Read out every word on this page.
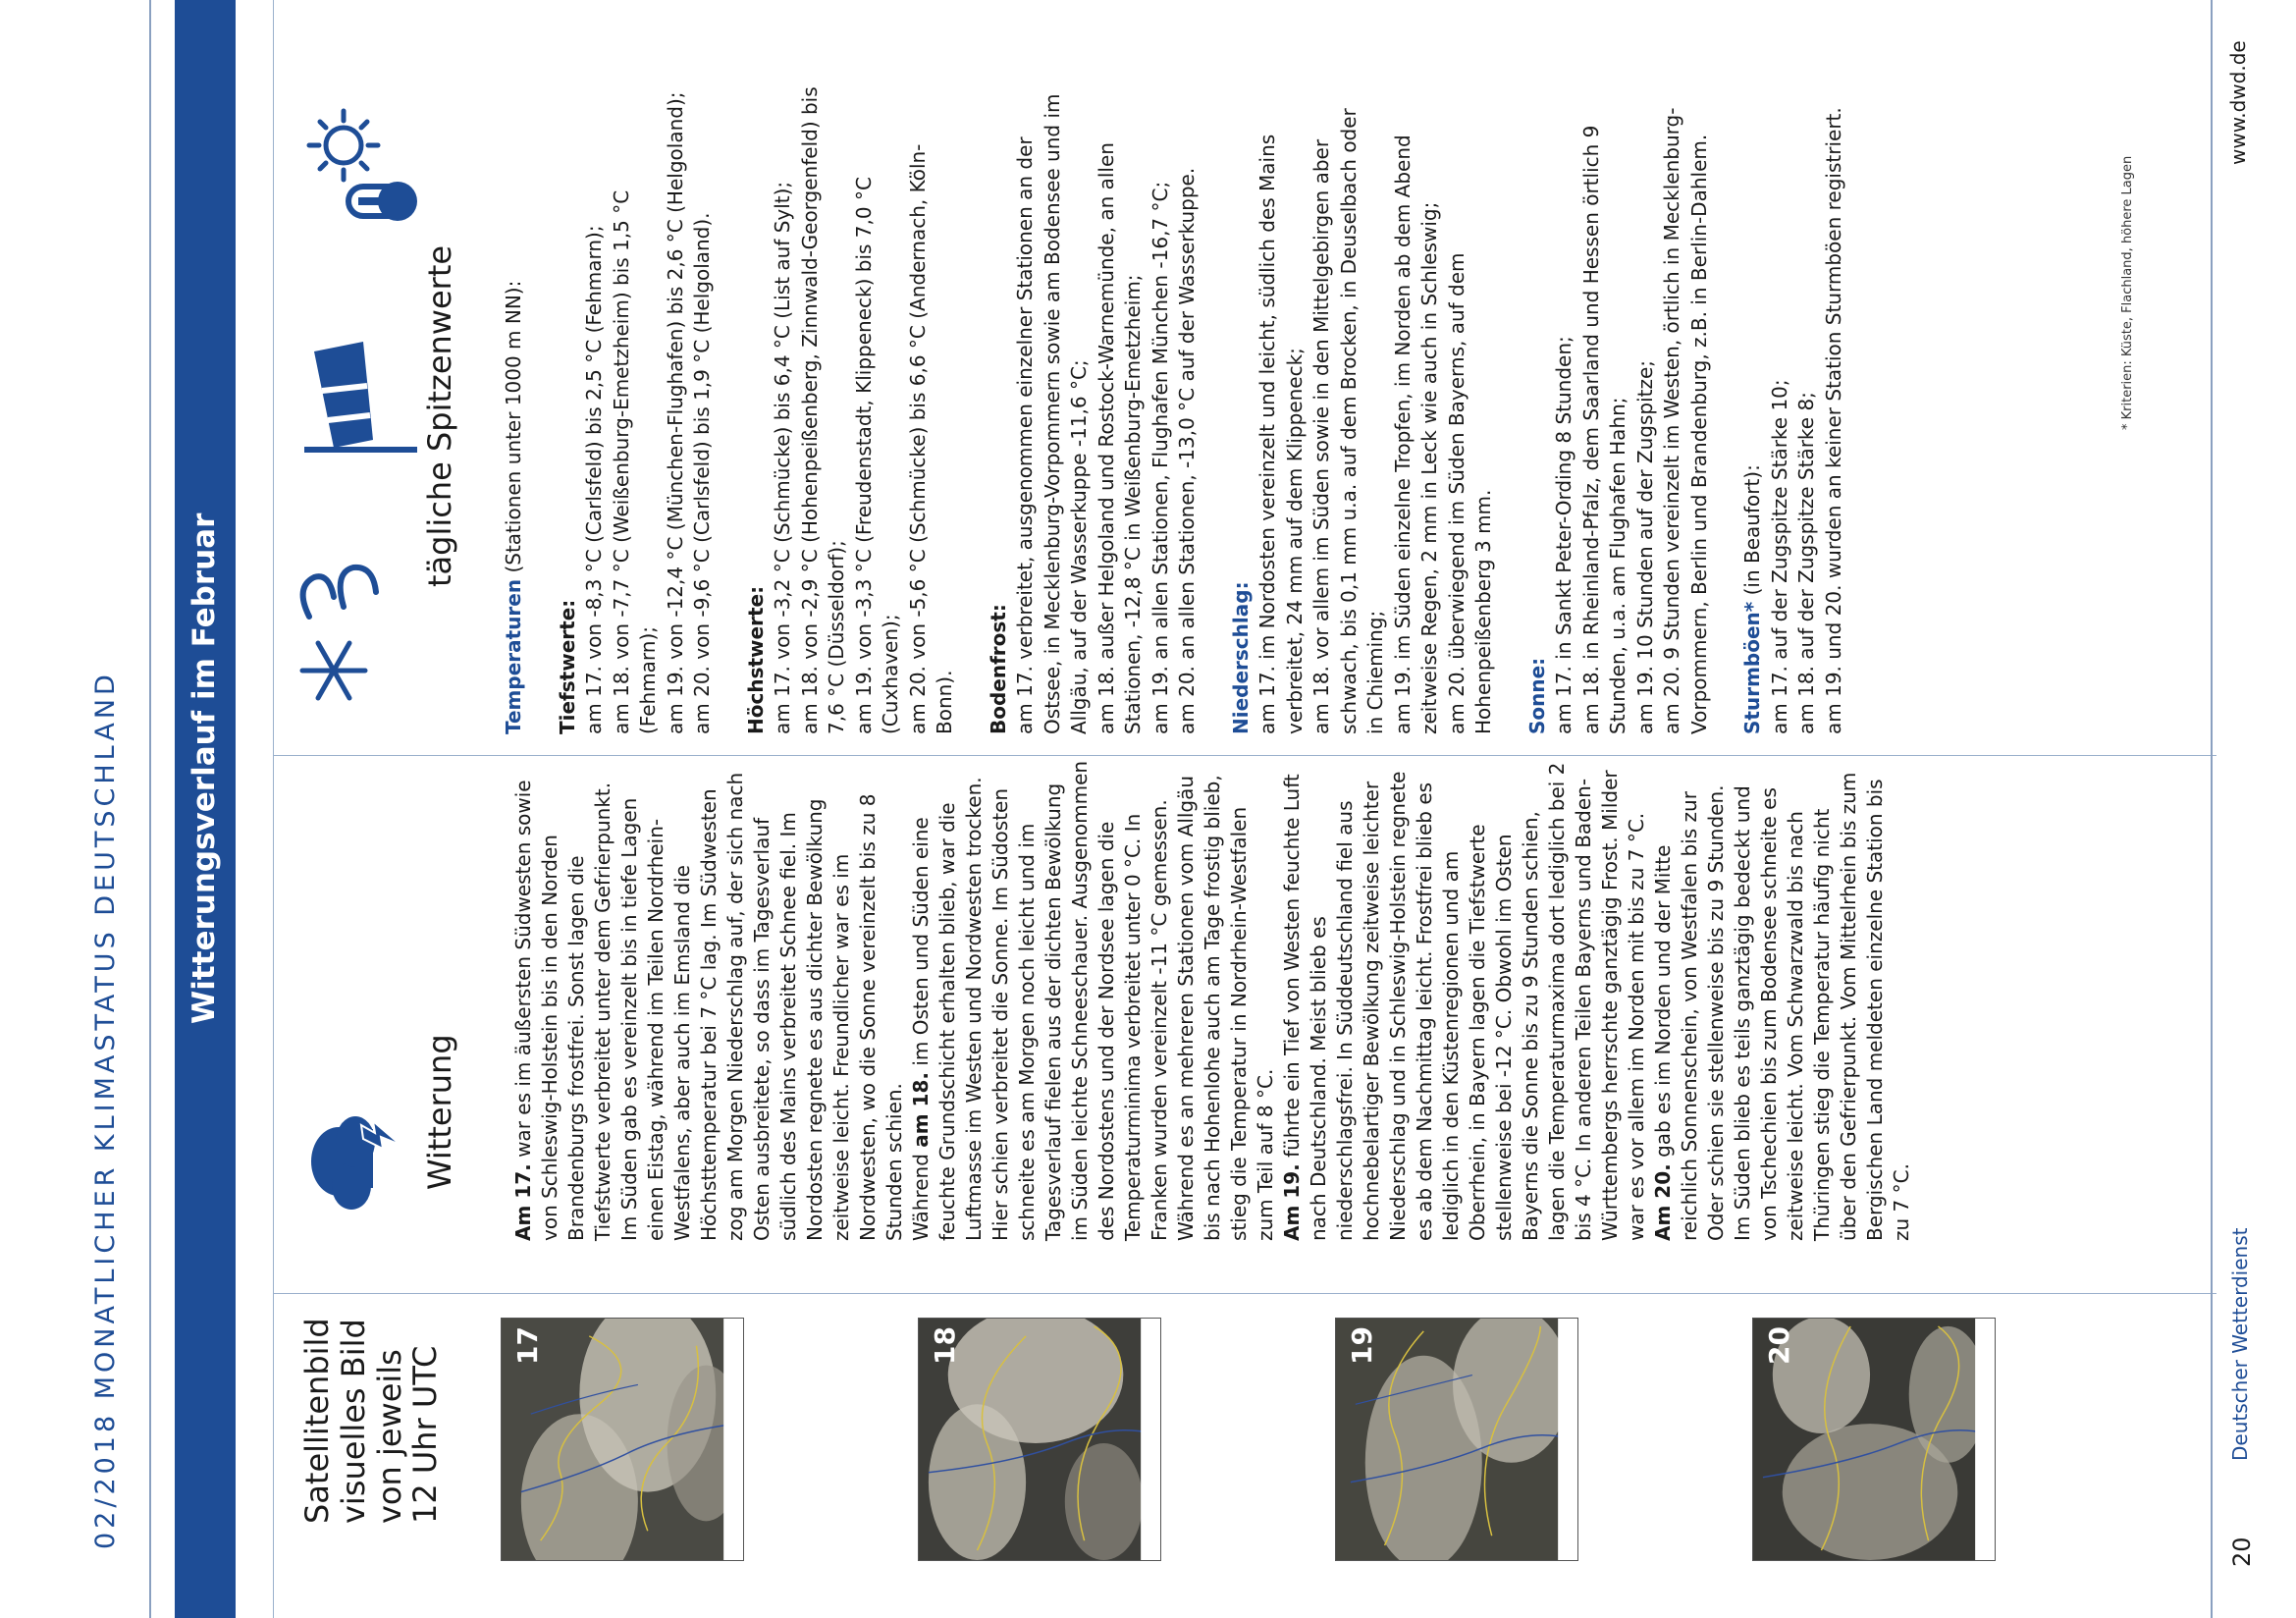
02/2018 MONATLICHER KLIMASTATUS DEUTSCHLAND Witterungsverlauf im Februar
Satellitenbild
visuelles Bild
von jeweils
12 Uhr UTC
17	18	19	20
Witterung
tägliche Spitzenwerte

Am 17. war es im äußersten Südwesten sowie von Schleswig-Holstein bis in den Norden Brandenburgs frostfrei. Sonst lagen die Tiefstwerte verbreitet unter dem Gefrierpunkt. Im Süden gab es vereinzelt bis in tiefe Lagen einen Eistag, während im Teilen Nordrhein-Westfalens, aber auch im Emsland die Höchsttemperatur bei 7 °C lag. Im Südwesten zog am Morgen Niederschlag auf, der sich nach Osten ausbreitete, so dass im Tagesverlauf südlich des Mains verbreitet Schnee fiel. Im Nordosten regnete es aus dichter Bewölkung zeitweise leicht. Freundlicher war es im Nordwesten, wo die Sonne vereinzelt bis zu 8 Stunden schien. Während am 18. im Osten und Süden eine feuchte Grundschicht erhalten blieb, war die Luftmasse im Westen und Nordwesten trocken. Hier schien verbreitet die Sonne. Im Südosten schneite es am Morgen noch leicht und im Tagesverlauf fielen aus der dichten Bewölkung im Süden leichte Schneeschauer. Ausgenommen des Nordostens und der Nordsee lagen die Temperaturminima verbreitet unter 0 °C. In Franken wurden vereinzelt -11 °C gemessen. Während es an mehreren Stationen vom Allgäu bis nach Hohenlohe auch am Tage frostig blieb, stieg die Temperatur in Nordrhein-Westfalen zum Teil auf 8 °C. Am 19. führte ein Tief von Westen feuchte Luft nach Deutschland. Meist blieb es niederschlagsfrei. In Süddeutschland fiel aus hochnebelartiger Bewölkung zeitweise leichter Niederschlag und in Schleswig-Holstein regnete es ab dem Nachmittag leicht. Frostfrei blieb es lediglich in den Küstenregionen und am Oberrhein, in Bayern lagen die Tiefstwerte stellenweise bei -12 °C. Obwohl im Osten Bayerns die Sonne bis zu 9 Stunden schien, lagen die Temperaturmaxima dort lediglich bei 2 bis 4 °C. In anderen Teilen Bayerns und Baden-Württembergs herrschte ganztägig Frost. Milder war es vor allem im Norden mit bis zu 7 °C. Am 20. gab es im Norden und der Mitte reichlich Sonnenschein, von Westfalen bis zur Oder schien sie stellenweise bis zu 9 Stunden. Im Süden blieb es teils ganztägig bedeckt und von Tschechien bis zum Bodensee schneite es zeitweise leicht. Vom Schwarzwald bis nach Thüringen stieg die Temperatur häufig nicht über den Gefrierpunkt. Vom Mittelrhein bis zum Bergischen Land meldeten einzelne Station bis zu 7 °C.

Temperaturen (Stationen unter 1000 m NN):
Tiefstwerte: am 17. von -8,3 °C (Carlsfeld) bis 2,5 °C (Fehmarn); am 18. von -7,7 °C (Weißenburg-Emetzheim) bis 1,5 °C (Fehmarn); am 19. von -12,4 °C (München-Flughafen) bis 2,6 °C (Helgoland); am 20. von -9,6 °C (Carlsfeld) bis 1,9 °C (Helgoland). Höchstwerte: am 17. von -3,2 °C (Schmücke) bis 6,4 °C (List auf Sylt); am 18. von -2,9 °C (Hohenpeißenberg, Zinnwald-Georgenfeld) bis 7,6 °C (Düsseldorf); am 19. von -3,3 °C (Freudenstadt, Klippeneck) bis 7,0 °C (Cuxhaven); am 20. von -5,6 °C (Schmücke) bis 6,6 °C (Andernach, Köln-Bonn). Bodenfrost: am 17. verbreitet, ausgenommen einzelner Stationen an der Ostsee, in Mecklenburg-Vorpommern sowie am Bodensee und im Allgäu, auf der Wasserkuppe -11,6 °C; am 18. außer Helgoland und Rostock-Warnemünde, an allen Stationen, -12,8 °C in Weißenburg-Emetzheim; am 19. an allen Stationen, Flughafen München -16,7 °C; am 20. an allen Stationen, -13,0 °C auf der Wasserkuppe. Niederschlag: am 17. im Nordosten vereinzelt und leicht, südlich des Mains verbreitet, 24 mm auf dem Klippeneck; am 18. vor allem im Süden sowie in den Mittelgebirgen aber schwach, bis 0,1 mm u.a. auf dem Brocken, in Deuselbach oder in Chieming; am 19. im Süden einzelne Tropfen, im Norden ab dem Abend zeitweise Regen, 2 mm in Leck wie auch in Schleswig; am 20. überwiegend im Süden Bayerns, auf dem Hohenpeißenberg 3 mm. Sonne: am 17. in Sankt Peter-Ording 8 Stunden; am 18. in Rheinland-Pfalz, dem Saarland und Hessen örtlich 9 Stunden, u.a. am Flughafen Hahn; am 19. 10 Stunden auf der Zugspitze; am 20. 9 Stunden vereinzelt im Westen, örtlich in Mecklenburg-Vorpommern, Berlin und Brandenburg, z.B. in Berlin-Dahlem. Sturmböen* (in Beaufort): am 17. auf der Zugspitze Stärke 10; am 18. auf der Zugspitze Stärke 8; am 19. und 20. wurden an keiner Station Sturmböen registriert.	* Kriterien: Küste, Flachland, höhere Lagen
20
Deutscher Wetterdienst
www.dwd.de
